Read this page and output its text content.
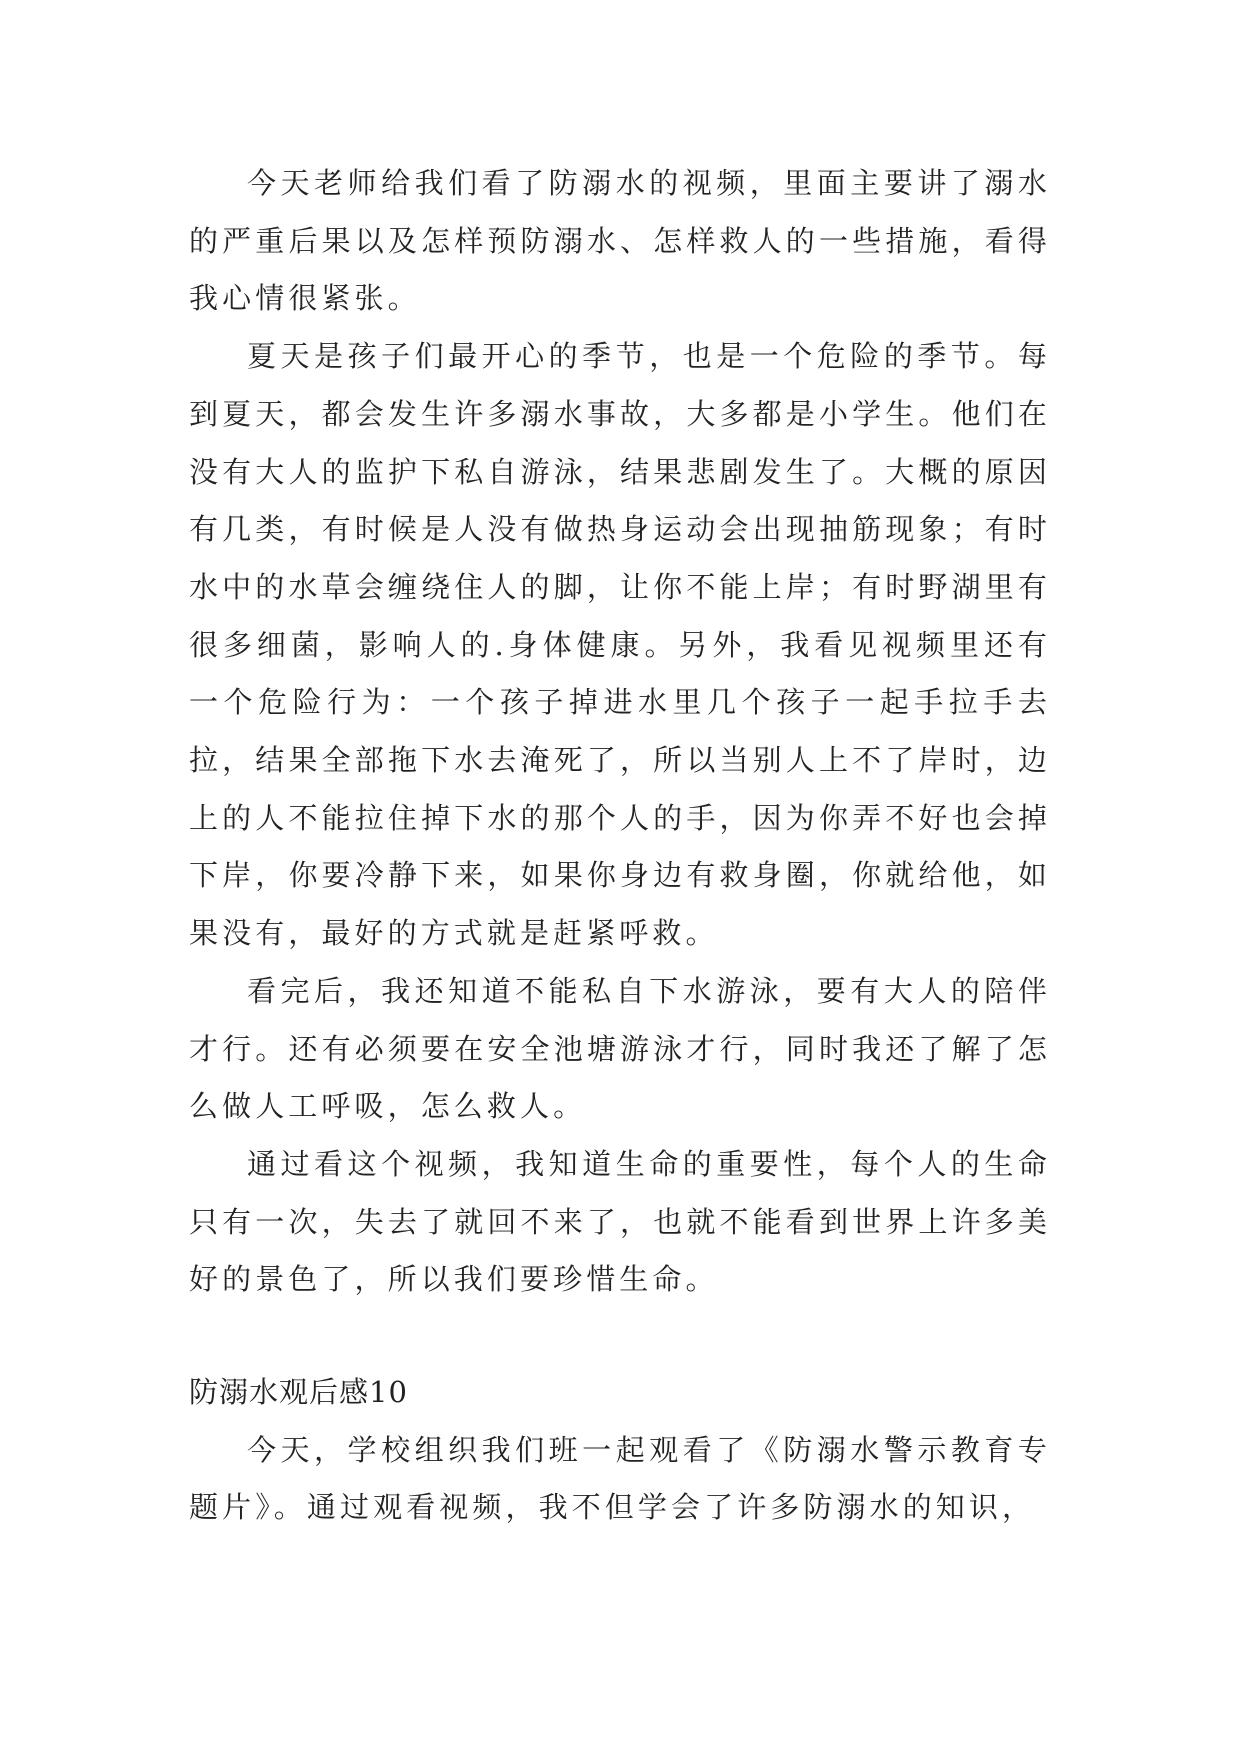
今天老师给我们看了防溺水的视频，里面主要讲了溺水的严重后果以及怎样预防溺水、怎样救人的一些措施，看得我心情很紧张。

夏天是孩子们最开心的季节，也是一个危险的季节。每到夏天，都会发生许多溺水事故，大多都是小学生。他们在没有大人的监护下私自游泳，结果悲剧发生了。大概的原因有几类，有时候是人没有做热身运动会出现抽筋现象；有时水中的水草会缠绕住人的脚，让你不能上岸；有时野湖里有很多细菌，影响人的.身体健康。另外，我看见视频里还有一个危险行为：一个孩子掉进水里几个孩子一起手拉手去拉，结果全部拖下水去淹死了，所以当别人上不了岸时，边上的人不能拉住掉下水的那个人的手，因为你弄不好也会掉下岸，你要冷静下来，如果你身边有救身圈，你就给他，如果没有，最好的方式就是赶紧呼救。

看完后，我还知道不能私自下水游泳，要有大人的陪伴才行。还有必须要在安全池塘游泳才行，同时我还了解了怎么做人工呼吸，怎么救人。

通过看这个视频，我知道生命的重要性，每个人的生命只有一次，失去了就回不来了，也就不能看到世界上许多美好的景色了，所以我们要珍惜生命。

防溺水观后感10

今天，学校组织我们班一起观看了《防溺水警示教育专题片》。通过观看视频，我不但学会了许多防溺水的知识，
